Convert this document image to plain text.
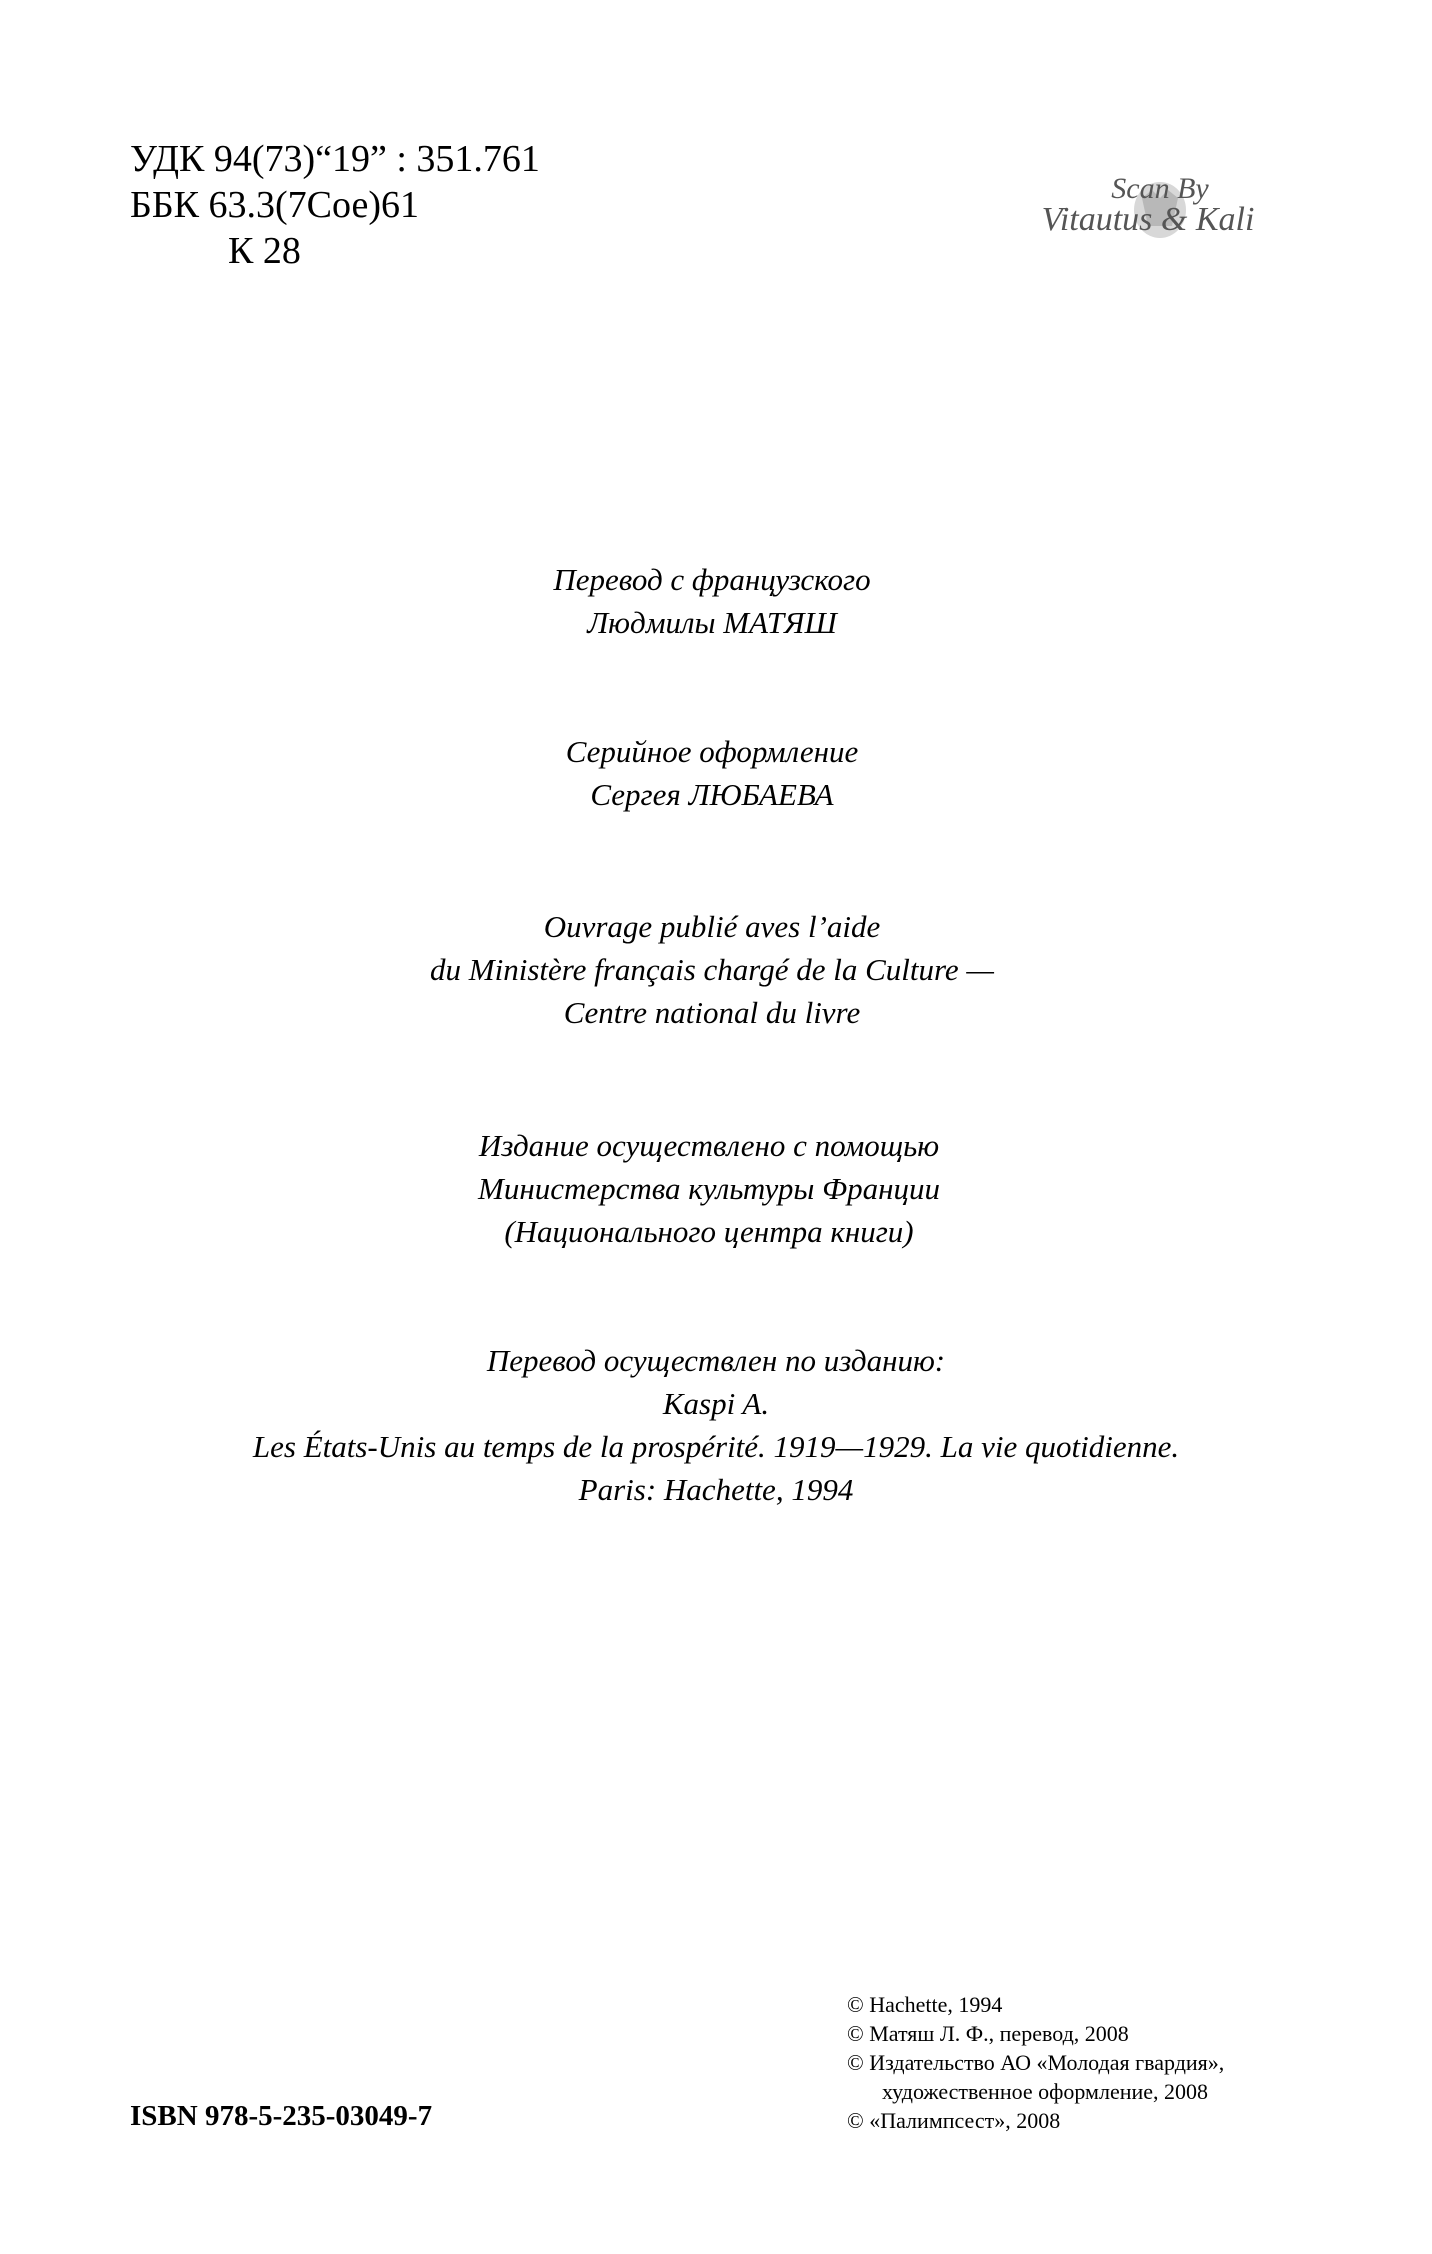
УДК 94(73)“19” : 351.761
ББК 63.3(7Сое)61
К 28
Scan By
Vitautus & Kali
Перевод с французского
Людмилы МАТЯШ
Серийное оформление
Сергея ЛЮБАЕВА
Ouvrage publié aves l’aide
du Ministère français chargé de la Culture —
Centre national du livre
Издание осуществлено с помощью
Министерства культуры Франции
(Национального центра книги)
Перевод осуществлен по изданию:
Kaspi A.
Les États-Unis au temps de la prospérité. 1919—1929. La vie quotidienne.
Paris: Hachette, 1994
© Hachette, 1994
© Матяш Л. Ф., перевод, 2008
© Издательство АО «Молодая гвардия»,
художественное оформление, 2008
© «Палимпсест», 2008
ISBN 978-5-235-03049-7
